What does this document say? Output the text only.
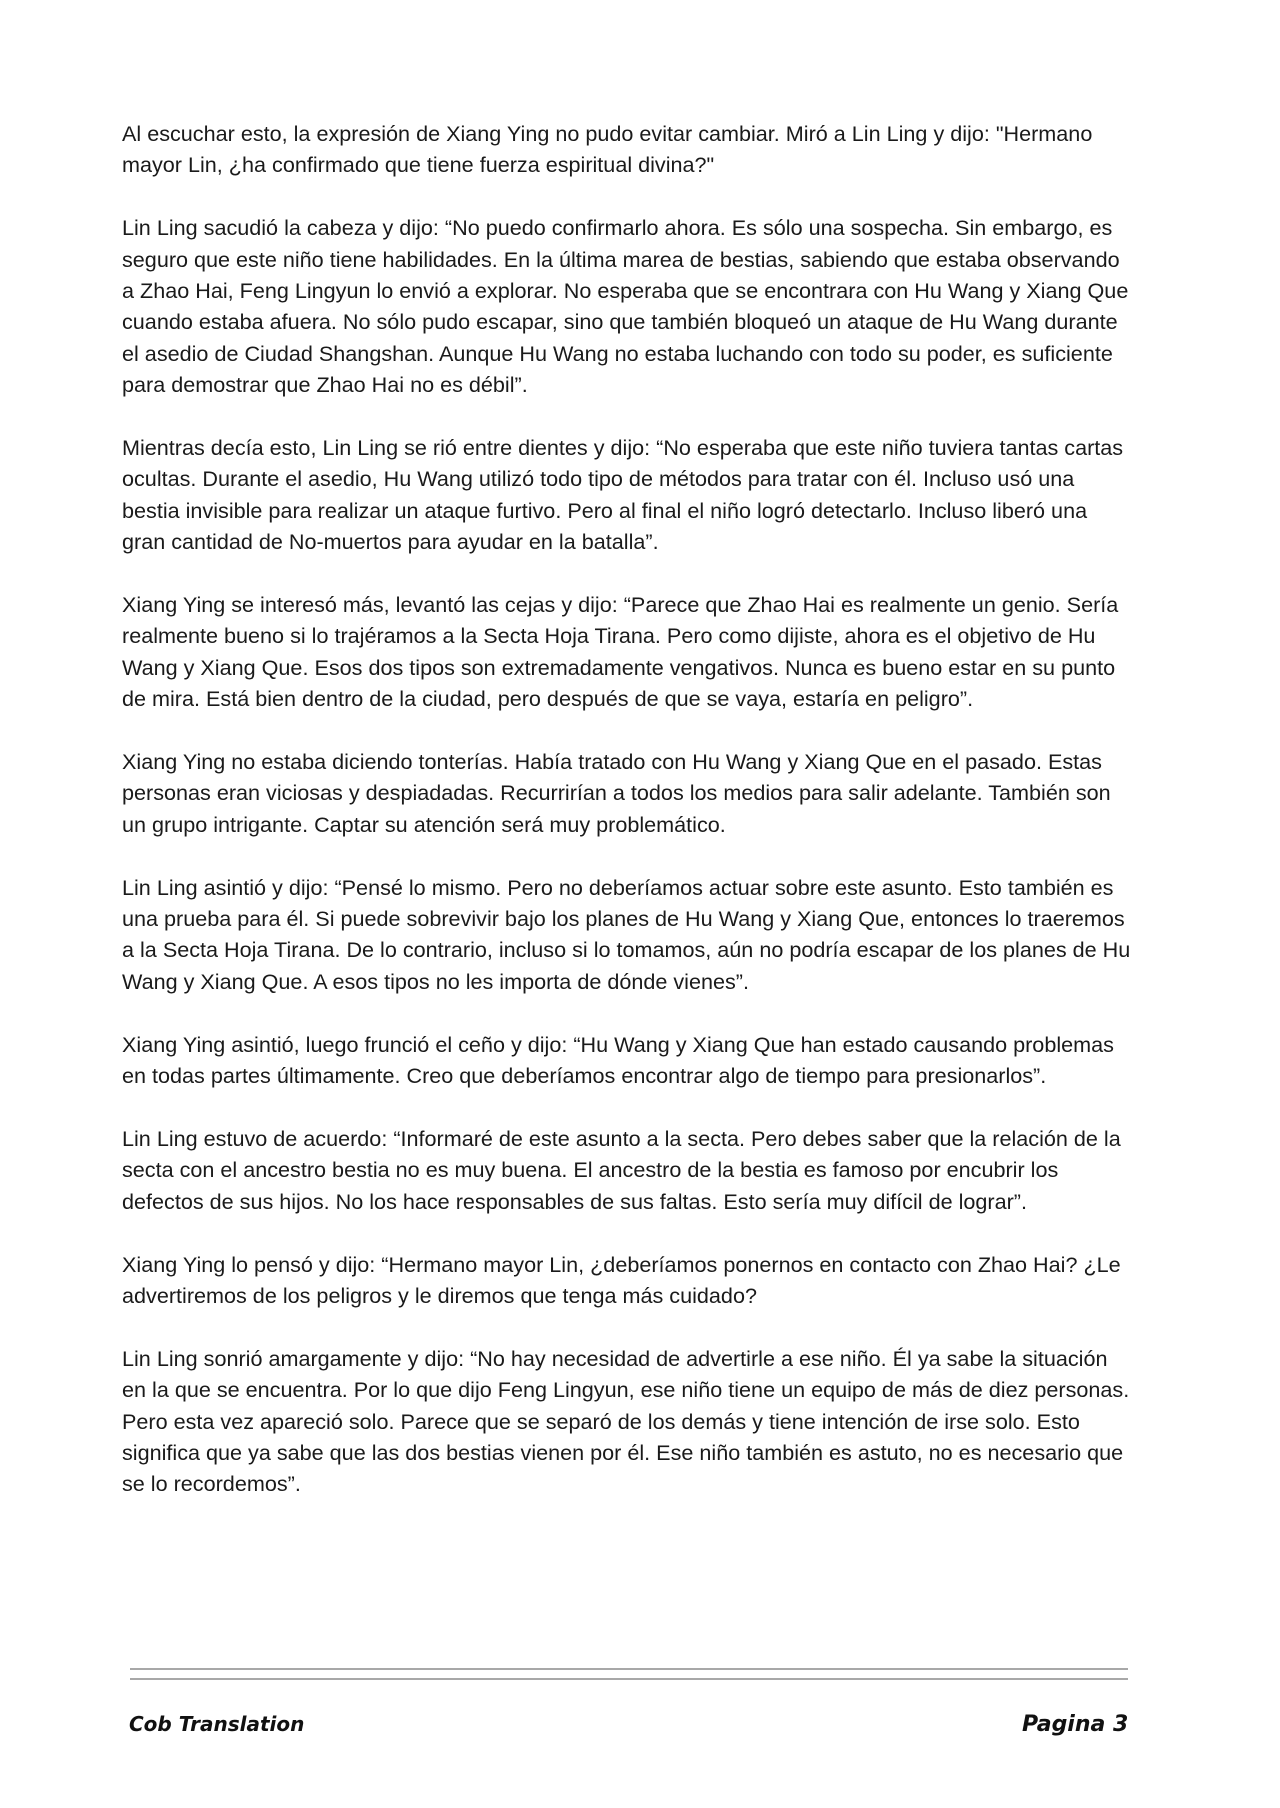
Al escuchar esto, la expresión de Xiang Ying no pudo evitar cambiar. Miró a Lin Ling y dijo: "Hermano mayor Lin, ¿ha confirmado que tiene fuerza espiritual divina?"

Lin Ling sacudió la cabeza y dijo: “No puedo confirmarlo ahora. Es sólo una sospecha. Sin embargo, es seguro que este niño tiene habilidades. En la última marea de bestias, sabiendo que estaba observando a Zhao Hai, Feng Lingyun lo envió a explorar. No esperaba que se encontrara con Hu Wang y Xiang Que cuando estaba afuera. No sólo pudo escapar, sino que también bloqueó un ataque de Hu Wang durante el asedio de Ciudad Shangshan. Aunque Hu Wang no estaba luchando con todo su poder, es suficiente para demostrar que Zhao Hai no es débil”.

Mientras decía esto, Lin Ling se rió entre dientes y dijo: “No esperaba que este niño tuviera tantas cartas ocultas. Durante el asedio, Hu Wang utilizó todo tipo de métodos para tratar con él. Incluso usó una bestia invisible para realizar un ataque furtivo. Pero al final el niño logró detectarlo. Incluso liberó una gran cantidad de No-muertos para ayudar en la batalla”.

Xiang Ying se interesó más, levantó las cejas y dijo: “Parece que Zhao Hai es realmente un genio. Sería realmente bueno si lo trajéramos a la Secta Hoja Tirana. Pero como dijiste, ahora es el objetivo de Hu Wang y Xiang Que. Esos dos tipos son extremadamente vengativos. Nunca es bueno estar en su punto de mira. Está bien dentro de la ciudad, pero después de que se vaya, estaría en peligro”.

Xiang Ying no estaba diciendo tonterías. Había tratado con Hu Wang y Xiang Que en el pasado. Estas personas eran viciosas y despiadadas. Recurrirían a todos los medios para salir adelante. También son un grupo intrigante. Captar su atención será muy problemático.

Lin Ling asintió y dijo: “Pensé lo mismo. Pero no deberíamos actuar sobre este asunto. Esto también es una prueba para él. Si puede sobrevivir bajo los planes de Hu Wang y Xiang Que, entonces lo traeremos a la Secta Hoja Tirana. De lo contrario, incluso si lo tomamos, aún no podría escapar de los planes de Hu Wang y Xiang Que. A esos tipos no les importa de dónde vienes”.

Xiang Ying asintió, luego frunció el ceño y dijo: “Hu Wang y Xiang Que han estado causando problemas en todas partes últimamente. Creo que deberíamos encontrar algo de tiempo para presionarlos”.

Lin Ling estuvo de acuerdo: “Informaré de este asunto a la secta. Pero debes saber que la relación de la secta con el ancestro bestia no es muy buena. El ancestro de la bestia es famoso por encubrir los defectos de sus hijos. No los hace responsables de sus faltas. Esto sería muy difícil de lograr”.

Xiang Ying lo pensó y dijo: “Hermano mayor Lin, ¿deberíamos ponernos en contacto con Zhao Hai? ¿Le advertiremos de los peligros y le diremos que tenga más cuidado?

Lin Ling sonrió amargamente y dijo: “No hay necesidad de advertirle a ese niño. Él ya sabe la situación en la que se encuentra. Por lo que dijo Feng Lingyun, ese niño tiene un equipo de más de diez personas. Pero esta vez apareció solo. Parece que se separó de los demás y tiene intención de irse solo. Esto significa que ya sabe que las dos bestias vienen por él. Ese niño también es astuto, no es necesario que se lo recordemos”.

Cob Translation	Pagina 3
